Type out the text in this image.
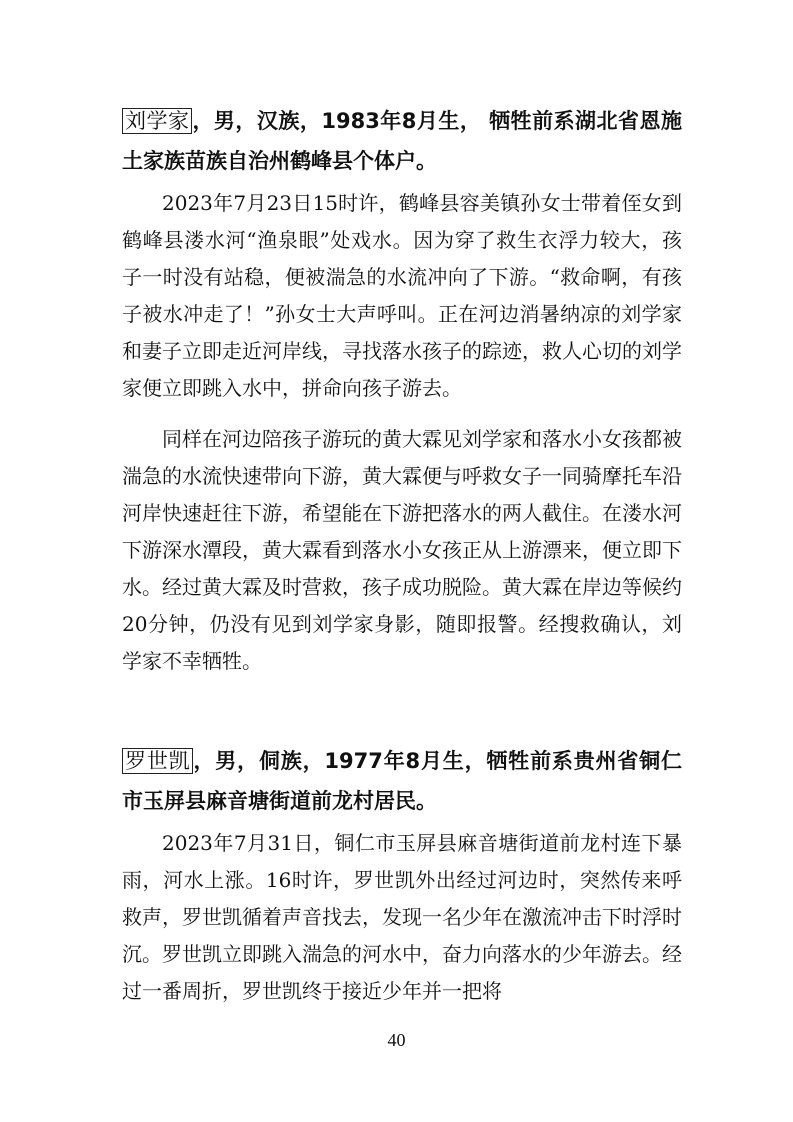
刘学家 ，男，汉族，1983年8月生， 牺牲前系湖北省恩施土家族苗族自治州鹤峰县个体户。

2023年7月23日15时许，鹤峰县容美镇孙女士带着侄女到鹤峰县溇水河“渔泉眼”处戏水。因为穿了救生衣浮力较大，孩子一时没有站稳，便被湍急的水流冲向了下游。“救命啊，有孩子被水冲走了！”孙女士大声呼叫。正在河边消暑纳凉的刘学家和妻子立即走近河岸线，寻找落水孩子的踪迹，救人心切的刘学家便立即跳入水中，拼命向孩子游去。

同样在河边陪孩子游玩的黄大霖见刘学家和落水小女孩都被湍急的水流快速带向下游，黄大霖便与呼救女子一同骑摩托车沿河岸快速赶往下游，希望能在下游把落水的两人截住。在溇水河下游深水潭段，黄大霖看到落水小女孩正从上游漂来，便立即下水。经过黄大霖及时营救，孩子成功脱险。黄大霖在岸边等候约20分钟，仍没有见到刘学家身影，随即报警。经搜救确认，刘学家不幸牺牲。

罗世凯 ，男，侗族，1977年8月生，牺牲前系贵州省铜仁市玉屏县麻音塘街道前龙村居民。

2023年7月31日，铜仁市玉屏县麻音塘街道前龙村连下暴雨，河水上涨。16时许，罗世凯外出经过河边时，突然传来呼救声，罗世凯循着声音找去，发现一名少年在激流冲击下时浮时沉。罗世凯立即跳入湍急的河水中，奋力向落水的少年游去。经过一番周折，罗世凯终于接近少年并一把将

40
